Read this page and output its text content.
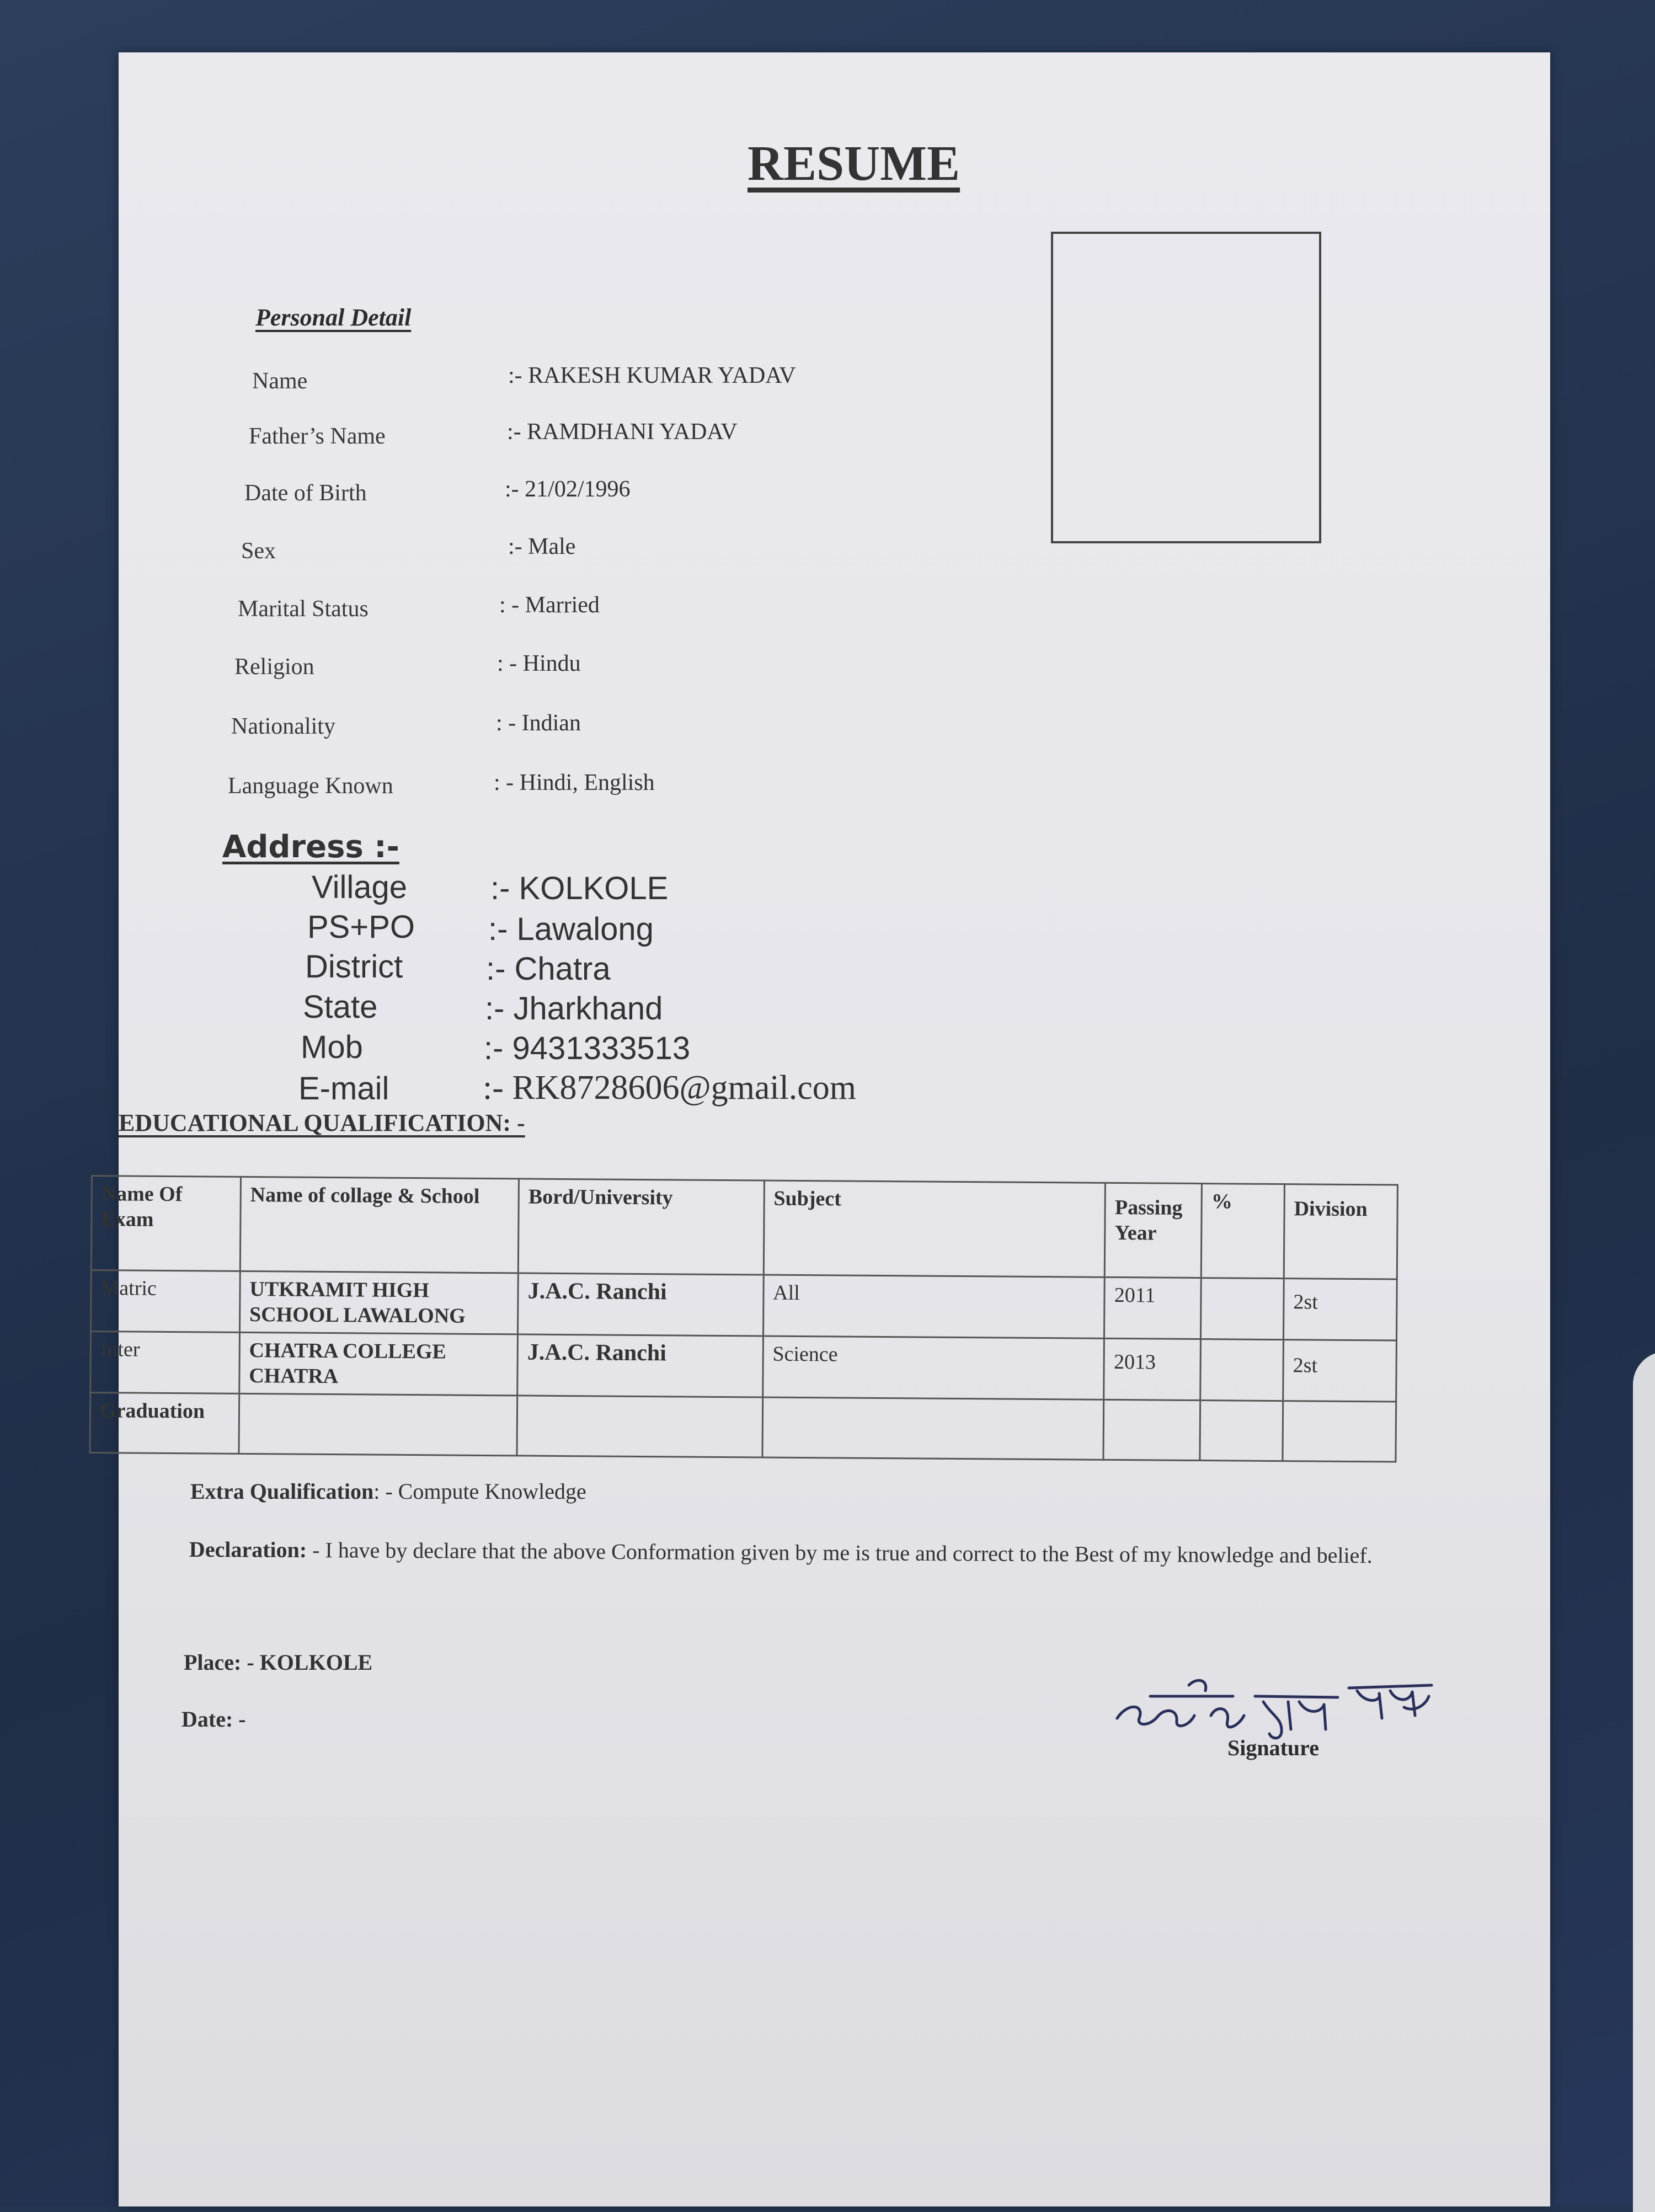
RESUME
Personal Detail
Name	:- RAKESH KUMAR YADAV
Father’s Name	:- RAMDHANI YADAV
Date of Birth	:- 21/02/1996
Sex	:- Male
Marital Status	: - Married
Religion	: - Hindu
Nationality	: - Indian
Language Known	: - Hindi, English
Address :-
Village	:- KOLKOLE
PS+PO :- Lawalong
District	:- Chatra
State	:- Jharkhand
Mob	:- 9431333513
E-mail	:- RK8728606@gmail.com
EDUCATIONAL QUALIFICATION: -
Name Of Exam	Name of collage & School	Bord/University	Subject	Passing Year	%	Division
Matric	UTKRAMIT HIGH SCHOOL LAWALONG	J.A.C. Ranchi	All	2011		2st
Inter	CHATRA COLLEGE CHATRA	J.A.C. Ranchi	Science	2013		2st
Graduation						
Extra Qualification: - Compute Knowledge
Declaration: - I have by declare that the above Conformation given by me is true and correct to the Best of my knowledge and belief.
Place: - KOLKOLE
Date: -
Signature
